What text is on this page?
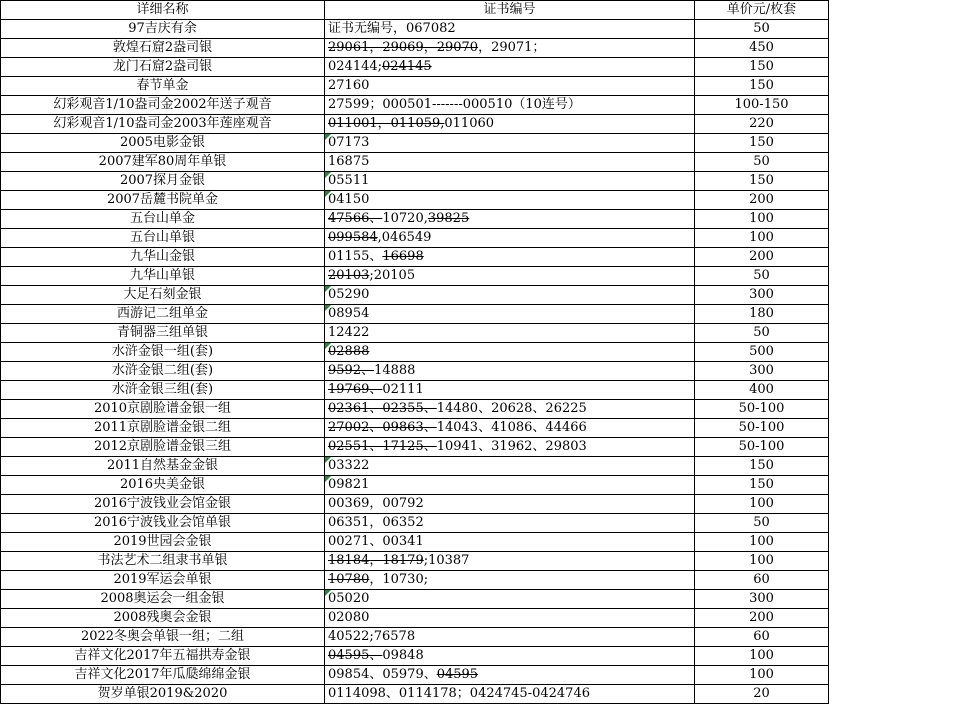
详细名称	证书编号	单价元/枚套
97吉庆有余	证书无编号，067082	50
敦煌石窟2盎司银	29061，29069，29070，29071；	450
龙门石窟2盎司银	024144;024145	150
春节单金	27160	150
幻彩观音1/10盎司金2002年送子观音	27599；000501-------000510（10连号）	100-150
幻彩观音1/10盎司金2003年莲座观音	011001，011059,011060	220
2005电影金银	07173	150
2007建军80周年单银	16875	50
2007探月金银	05511	150
2007岳麓书院单金	04150	200
五台山单金	47566、10720,39825	100
五台山单银	099584,046549	100
九华山金银	01155、16698	200
九华山单银	20103;20105	50
大足石刻金银	05290	300
西游记二组单金	08954	180
青铜器三组单银	12422	50
水浒金银一组(套)	02888	500
水浒金银二组(套)	9592、14888	300
水浒金银三组(套)	19769、02111	400
2010京剧脸谱金银一组	02361、02355、14480、20628、26225	50-100
2011京剧脸谱金银二组	27002、09863、14043、41086、44466	50-100
2012京剧脸谱金银三组	02551、17125、10941、31962、29803	50-100
2011自然基金金银	03322	150
2016央美金银	09821	150
2016宁波钱业会馆金银	00369，00792	100
2016宁波钱业会馆单银	06351，06352	50
2019世园会金银	00271、00341	100
书法艺术二组隶书单银	18184，18179;10387	100
2019军运会单银	10780，10730;	60
2008奥运会一组金银	05020	300
2008残奥会金银	02080	200
2022冬奥会单银一组；二组	40522;76578	60
吉祥文化2017年五福拱寿金银	04595、09848	100
吉祥文化2017年瓜瓞绵绵金银	09854、05979、04595	100
贺岁单银2019&2020	0114098、0114178；0424745-0424746	20
